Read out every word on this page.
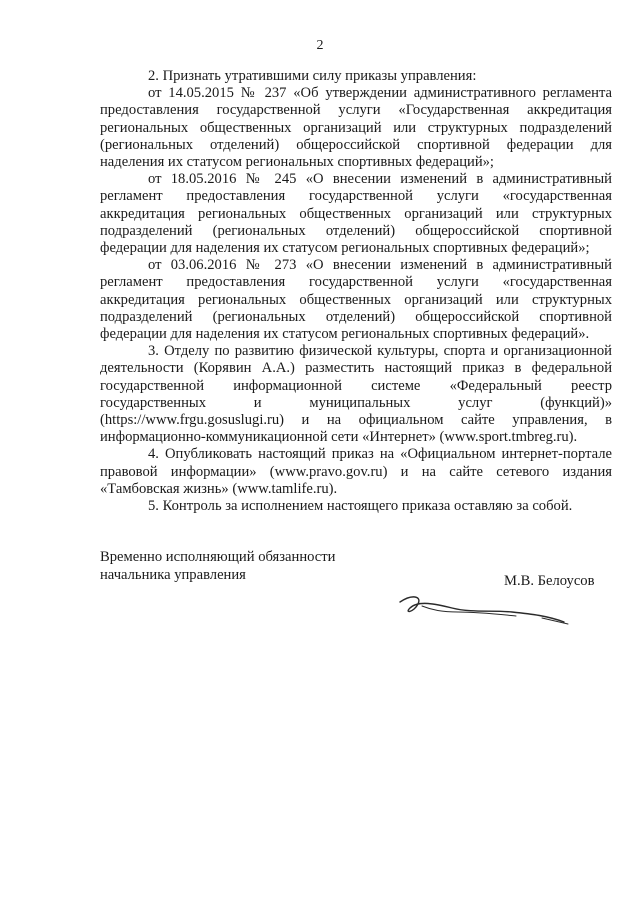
2

2. Признать утратившими силу приказы управления:

от 14.05.2015 № 237 «Об утверждении административного регламента предоставления государственной услуги «Государственная аккредитация региональных общественных организаций или структурных подразделений (региональных отделений) общероссийской спортивной федерации для наделения их статусом региональных спортивных федераций»;

от 18.05.2016 № 245 «О внесении изменений в административный регламент предоставления государственной услуги «государственная аккредитация региональных общественных организаций или структурных подразделений (региональных отделений) общероссийской спортивной федерации для наделения их статусом региональных спортивных федераций»;

от 03.06.2016 № 273 «О внесении изменений в административный регламент предоставления государственной услуги «государственная аккредитация региональных общественных организаций или структурных подразделений (региональных отделений) общероссийской спортивной федерации для наделения их статусом региональных спортивных федераций».

3. Отделу по развитию физической культуры, спорта и организационной деятельности (Корявин А.А.) разместить настоящий приказ в федеральной государственной информационной системе «Федеральный реестр государственных и муниципальных услуг (функций)» (https://www.frgu.gosuslugi.ru) и на официальном сайте управления, в информационно-коммуникационной сети «Интернет» (www.sport.tmbreg.ru).

4. Опубликовать настоящий приказ на «Официальном интернет-портале правовой информации» (www.pravo.gov.ru) и на сайте сетевого издания «Тамбовская жизнь» (www.tamlife.ru).

5. Контроль за исполнением настоящего приказа оставляю за собой.

Временно исполняющий обязанности
начальника управления	М.В. Белоусов
